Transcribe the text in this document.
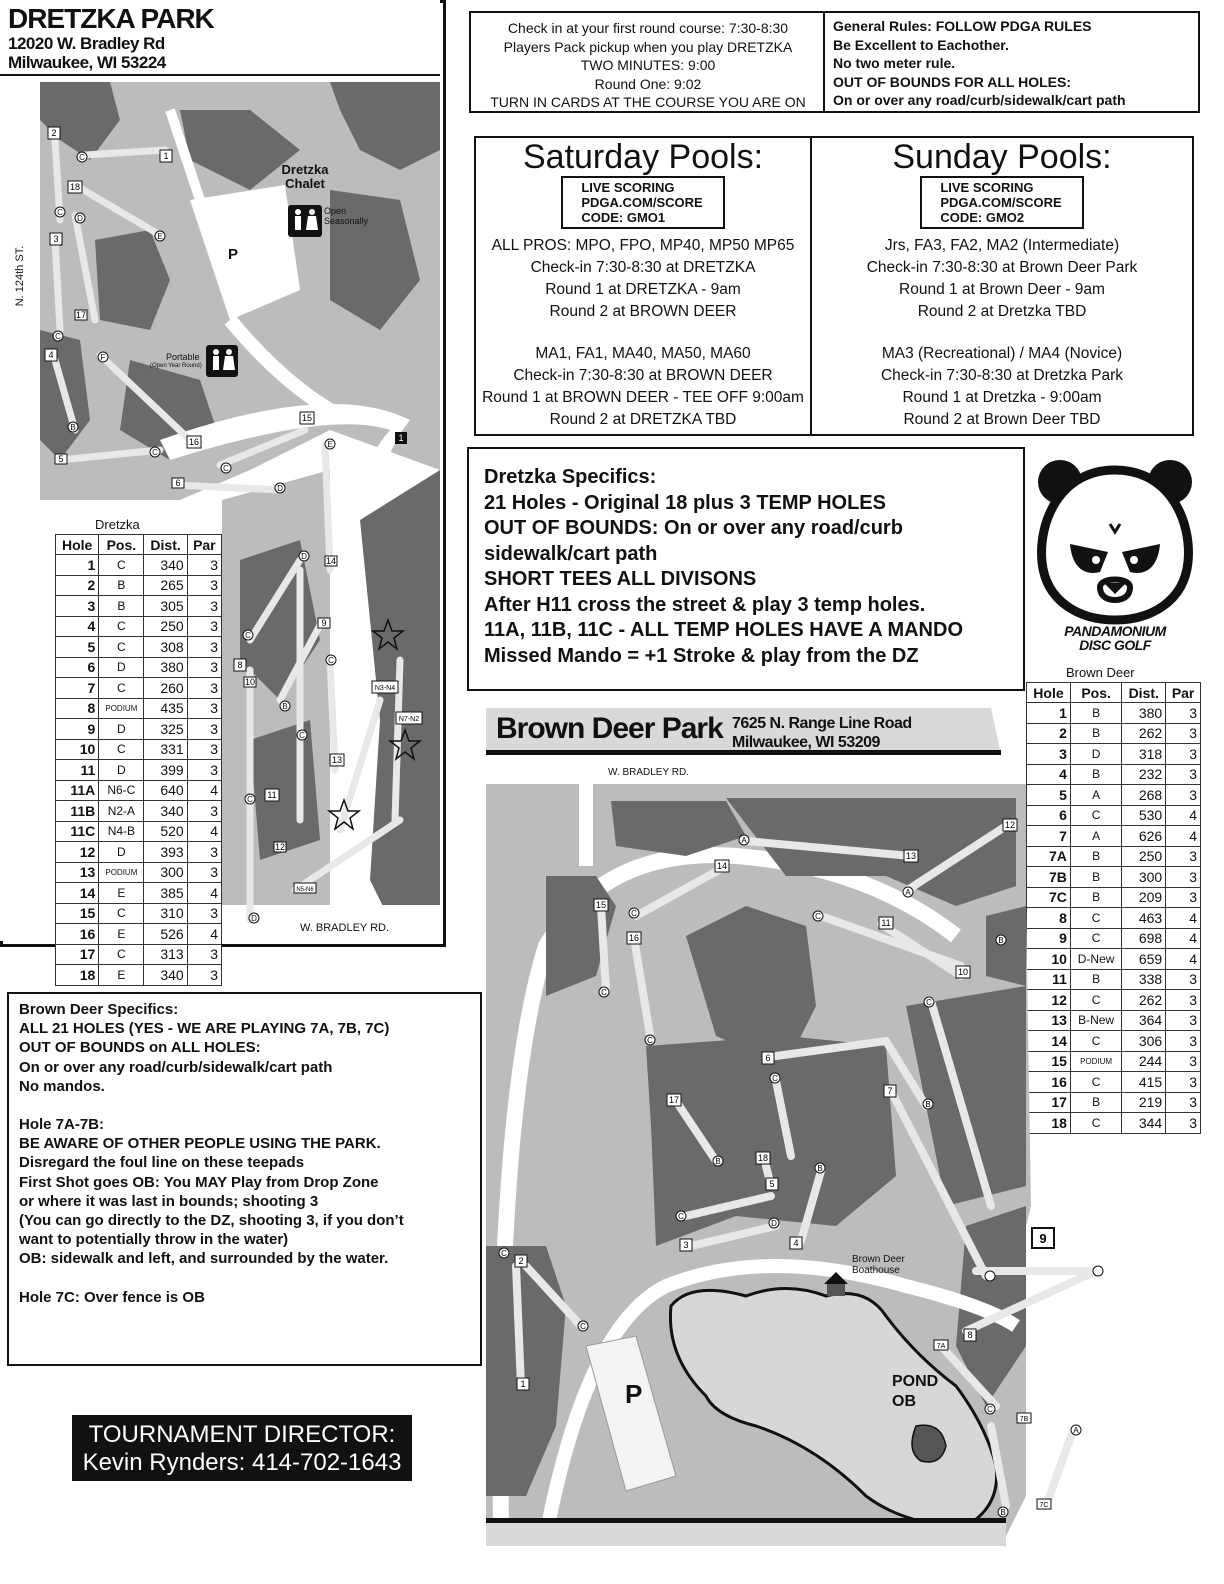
2
1
18
3
17
4
5
16
15
6
1
14
9
8
10
13
11
12
N3-N4
N7-N2
N5-N6
C
C
D
E
C
F
B
C
C
D
E
D
C
B
C
C
C
D
DRETZKA PARK
12020 W. Bradley Rd
Milwaukee, WI 53224
Dretzka Chalet
Open Seasonally
P
Portable
(Open Year Round)
N. 124th ST.
W. BRADLEY RD.
Dretzka
Hole	Pos.	Dist.	Par
1	C	340	3
2	B	265	3
3	B	305	3
4	C	250	3
5	C	308	3
6	D	380	3
7	C	260	3
8	PODIUM	435	3
9	D	325	3
10	C	331	3
11	D	399	3
11A	N6-C	640	4
11B	N2-A	340	3
11C	N4-B	520	4
12	D	393	3
13	PODIUM	300	3
14	E	385	4
15	C	310	3
16	E	526	4
17	C	313	3
18	E	340	3
Check in at your first round course: 7:30-8:30
Players Pack pickup when you play DRETZKA
TWO MINUTES: 9:00
Round One: 9:02
TURN IN CARDS AT THE COURSE YOU ARE ON
General Rules: FOLLOW PDGA RULES
Be Excellent to Eachother.
No two meter rule.
OUT OF BOUNDS FOR ALL HOLES:
On or over any road/curb/sidewalk/cart path
Saturday Pools:
LIVE SCORING
PDGA.COM/SCORE
CODE: GMO1
ALL PROS: MPO, FPO, MP40, MP50 MP65
Check-in 7:30-8:30 at DRETZKA
Round 1 at DRETZKA - 9am
Round 2 at BROWN DEER
MA1, FA1, MA40, MA50, MA60
Check-in 7:30-8:30 at BROWN DEER
Round 1 at BROWN DEER - TEE OFF 9:00am
Round 2 at DRETZKA TBD
Sunday Pools:
LIVE SCORING
PDGA.COM/SCORE
CODE: GMO2
Jrs, FA3, FA2, MA2 (Intermediate)
Check-in 7:30-8:30 at Brown Deer Park
Round 1 at Brown Deer - 9am
Round 2 at Dretzka TBD
MA3 (Recreational) / MA4 (Novice)
Check-in 7:30-8:30 at Dretzka Park
Round 1 at Dretzka - 9:00am
Round 2 at Brown Deer TBD
Dretzka Specifics:
21 Holes - Original 18 plus 3 TEMP HOLES
OUT OF BOUNDS: On or over any road/curb
sidewalk/cart path
SHORT TEES ALL DIVISONS
After H11 cross the street & play 3 temp holes.
11A, 11B, 11C - ALL TEMP HOLES HAVE A MANDO
Missed Mando = +1 Stroke & play from the DZ
PANDAMONIUM
DISC GOLF
Brown Deer
Hole	Pos.	Dist.	Par
1	B	380	3
2	B	262	3
3	D	318	3
4	B	232	3
5	A	268	3
6	C	530	4
7	A	626	4
7A	B	250	3
7B	B	300	3
7C	B	209	3
8	C	463	4
9	C	698	4
10	D-New	659	4
11	B	338	3
12	C	262	3
13	B-New	364	3
14	C	306	3
15	PODIUM	244	3
16	C	415	3
17	B	219	3
18	C	344	3
Brown Deer Specifics:
ALL 21 HOLES (YES - WE ARE PLAYING 7A, 7B, 7C)
OUT OF BOUNDS on ALL HOLES:
On or over any road/curb/sidewalk/cart path
No mandos.
Hole 7A-7B:
BE AWARE OF OTHER PEOPLE USING THE PARK.
Disregard the foul line on these teepads
First Shot goes OB: You MAY Play from Drop Zone
or where it was last in bounds; shooting 3
(You can go directly to the DZ, shooting 3, if you don’t
want to potentially throw in the water)
OB: sidewalk and left, and surrounded by the water.
Hole 7C: Over fence is OB
TOURNAMENT DIRECTOR:
Kevin Rynders: 414-702-1643
13
12
14
15
16
11
10
6
7
17
18
5
3	4	9
2
1
8
7A
7B
7C
A
A
C	C
B
C
C
C
C
B
B
B
C
D
C
C
C
A
B
Brown Deer Park 7625 N. Range Line Road
Milwaukee, WI 53209
W. BRADLEY RD.
Brown Deer Boathouse
POND
OB
P
